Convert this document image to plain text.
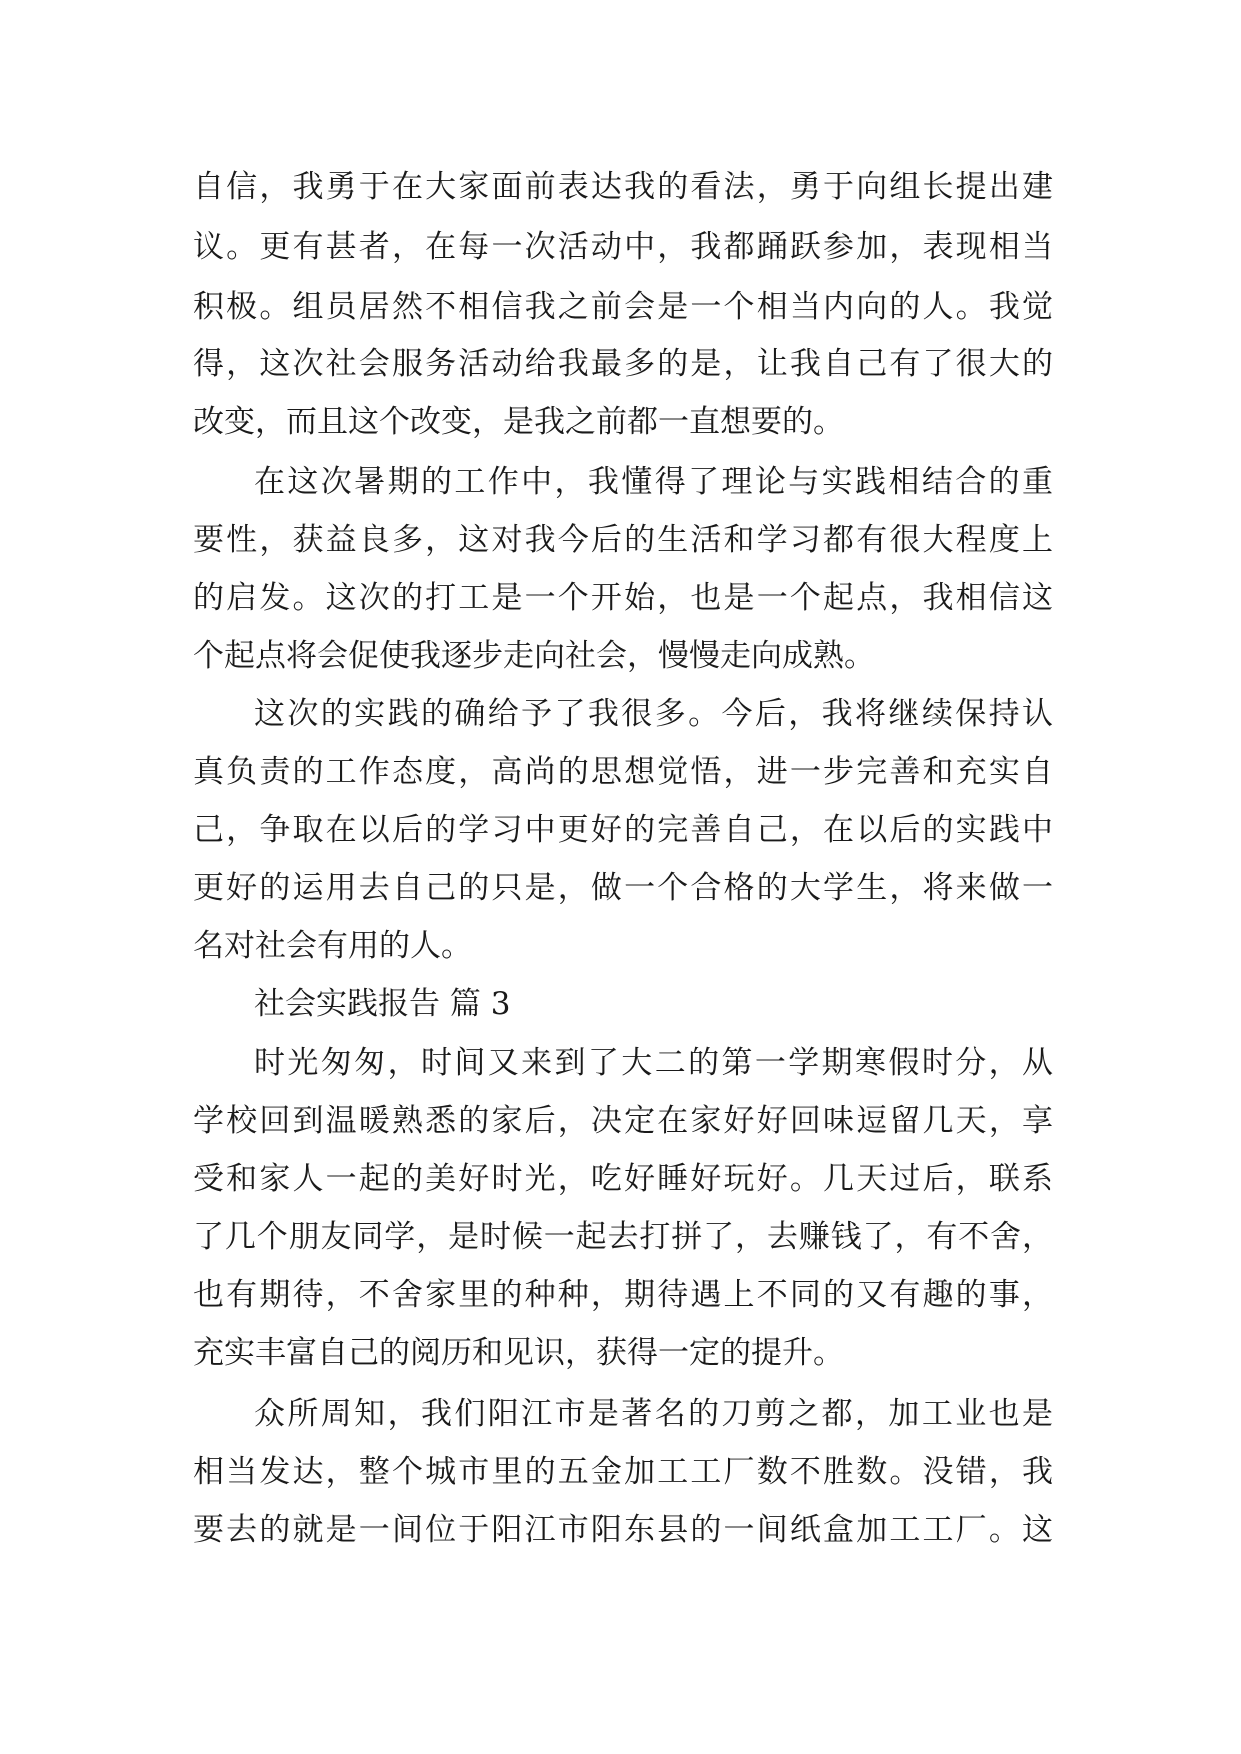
自信，我勇于在大家面前表达我的看法，勇于向组长提出建

议。更有甚者，在每一次活动中，我都踊跃参加，表现相当

积极。组员居然不相信我之前会是一个相当内向的人。我觉

得，这次社会服务活动给我最多的是，让我自己有了很大的

改变，而且这个改变，是我之前都一直想要的。

在这次暑期的工作中，我懂得了理论与实践相结合的重

要性，获益良多，这对我今后的生活和学习都有很大程度上

的启发。这次的打工是一个开始，也是一个起点，我相信这

个起点将会促使我逐步走向社会，慢慢走向成熟。

这次的实践的确给予了我很多。今后，我将继续保持认

真负责的工作态度，高尚的思想觉悟，进一步完善和充实自

己，争取在以后的学习中更好的完善自己，在以后的实践中

更好的运用去自己的只是，做一个合格的大学生，将来做一

名对社会有用的人。

社会实践报告 篇 3

时光匆匆，时间又来到了大二的第一学期寒假时分，从

学校回到温暖熟悉的家后，决定在家好好回味逗留几天，享

受和家人一起的美好时光，吃好睡好玩好。几天过后，联系

了几个朋友同学，是时候一起去打拼了，去赚钱了，有不舍，

也有期待，不舍家里的种种，期待遇上不同的又有趣的事，

充实丰富自己的阅历和见识，获得一定的提升。

众所周知，我们阳江市是著名的刀剪之都，加工业也是

相当发达，整个城市里的五金加工工厂数不胜数。没错，我

要去的就是一间位于阳江市阳东县的一间纸盒加工工厂。这
